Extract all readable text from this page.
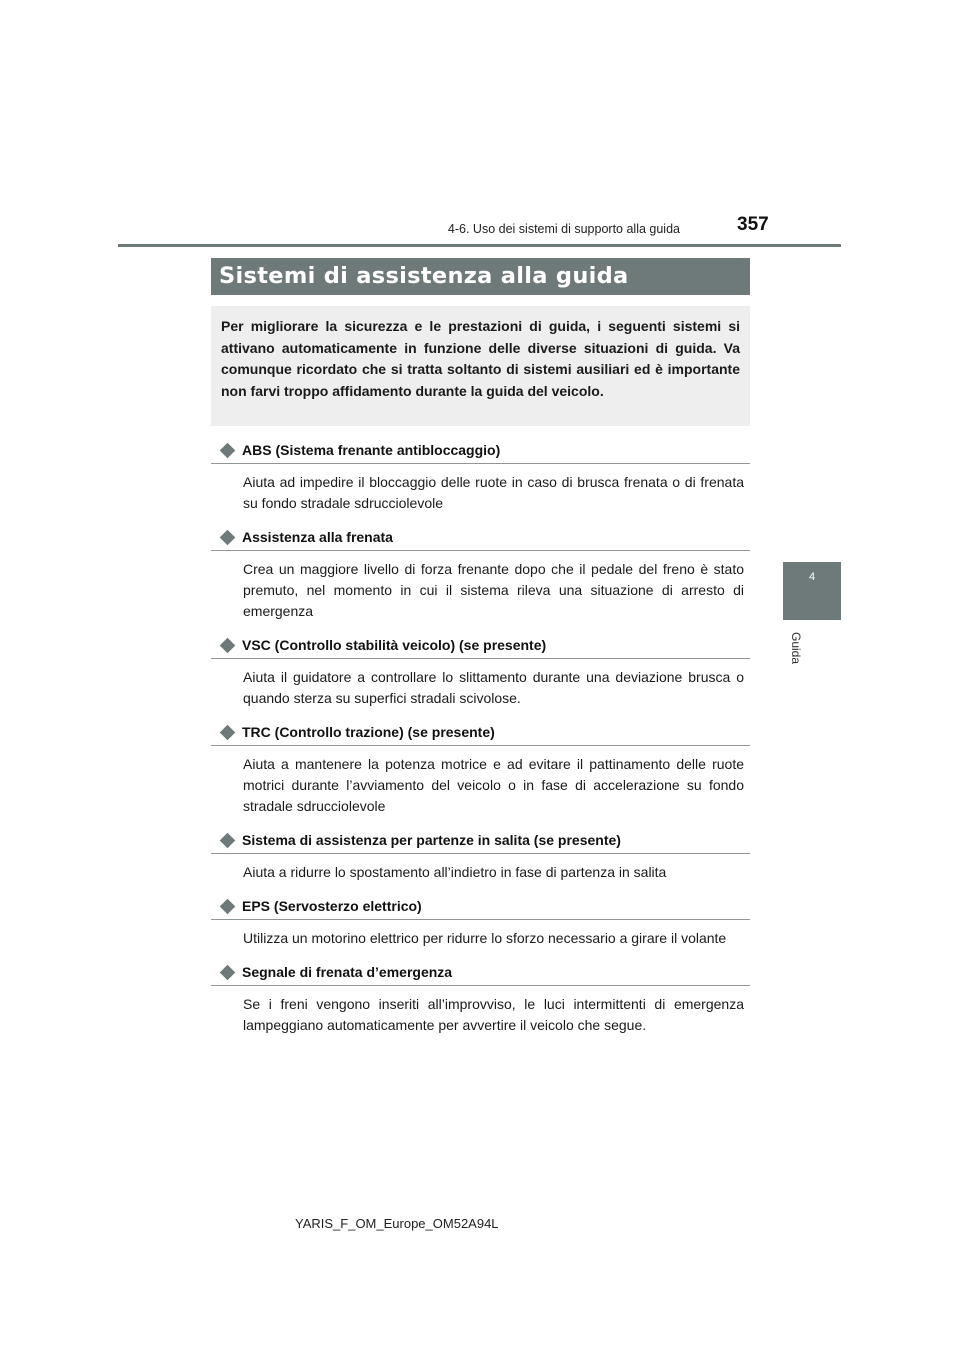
4-6. Uso dei sistemi di supporto alla guida	357
4
Guida
Sistemi di assistenza alla guida

Per migliorare la sicurezza e le prestazioni di guida, i seguenti sistemi si attivano automaticamente in funzione delle diverse situazioni di guida. Va comunque ricordato che si tratta soltanto di sistemi ausiliari ed è importante non farvi troppo affidamento durante la guida del veicolo.

ABS (Sistema frenante antibloccaggio)

Aiuta ad impedire il bloccaggio delle ruote in caso di brusca frenata o di frenata su fondo stradale sdrucciolevole

Assistenza alla frenata

Crea un maggiore livello di forza frenante dopo che il pedale del freno è stato premuto, nel momento in cui il sistema rileva una situazione di arresto di emergenza

VSC (Controllo stabilità veicolo) (se presente)

Aiuta il guidatore a controllare lo slittamento durante una deviazione brusca o quando sterza su superfici stradali scivolose.

TRC (Controllo trazione) (se presente)

Aiuta a mantenere la potenza motrice e ad evitare il pattinamento delle ruote motrici durante l’avviamento del veicolo o in fase di accelerazione su fondo stradale sdrucciolevole

Sistema di assistenza per partenze in salita (se presente)

Aiuta a ridurre lo spostamento all’indietro in fase di partenza in salita

EPS (Servosterzo elettrico)

Utilizza un motorino elettrico per ridurre lo sforzo necessario a girare il volante

Segnale di frenata d’emergenza

Se i freni vengono inseriti all’improvviso, le luci intermittenti di emergenza lampeggiano automaticamente per avvertire il veicolo che segue.

YARIS_F_OM_Europe_OM52A94L
